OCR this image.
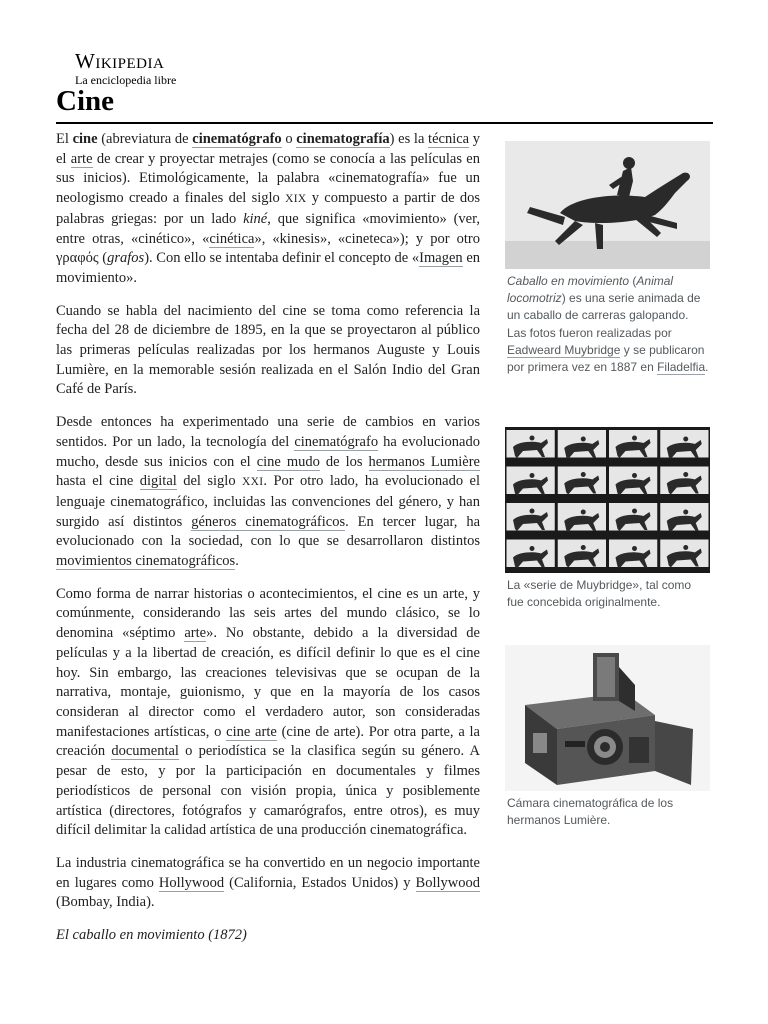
Wikipedia
La enciclopedia libre
Cine

El cine (abreviatura de cinematógrafo o cinematografía) es la técnica y el arte de crear y proyectar metrajes (como se conocía a las películas en sus inicios). Etimológicamente, la palabra «cinematografía» fue un neologismo creado a finales del siglo XIX y compuesto a partir de dos palabras griegas: por un lado kiné, que significa «movimiento» (ver, entre otras, «cinético», «cinética», «kinesis», «cineteca»); y por otro γραφός (grafos). Con ello se intentaba definir el concepto de «Imagen en movimiento».

Cuando se habla del nacimiento del cine se toma como referencia la fecha del 28 de diciembre de 1895, en la que se proyectaron al público las primeras películas realizadas por los hermanos Auguste y Louis Lumière, en la memorable sesión realizada en el Salón Indio del Gran Café de París.

Desde entonces ha experimentado una serie de cambios en varios sentidos. Por un lado, la tecnología del cinematógrafo ha evolucionado mucho, desde sus inicios con el cine mudo de los hermanos Lumière hasta el cine digital del siglo XXI. Por otro lado, ha evolucionado el lenguaje cinematográfico, incluidas las convenciones del género, y han surgido así distintos géneros cinematográficos. En tercer lugar, ha evolucionado con la sociedad, con lo que se desarrollaron distintos movimientos cinematográficos.

Como forma de narrar historias o acontecimientos, el cine es un arte, y comúnmente, considerando las seis artes del mundo clásico, se lo denomina «séptimo arte». No obstante, debido a la diversidad de películas y a la libertad de creación, es difícil definir lo que es el cine hoy. Sin embargo, las creaciones televisivas que se ocupan de la narrativa, montaje, guionismo, y que en la mayoría de los casos consideran al director como el verdadero autor, son consideradas manifestaciones artísticas, o cine arte (cine de arte). Por otra parte, a la creación documental o periodística se la clasifica según su género. A pesar de esto, y por la participación en documentales y filmes periodísticos de personal con visión propia, única y posiblemente artística (directores, fotógrafos y camarógrafos, entre otros), es muy difícil delimitar la calidad artística de una producción cinematográfica.

La industria cinematográfica se ha convertido en un negocio importante en lugares como Hollywood (California, Estados Unidos) y Bollywood (Bombay, India).

El caballo en movimiento (1872)

Caballo en movimiento (Animal locomotriz) es una serie animada de un caballo de carreras galopando. Las fotos fueron realizadas por Eadweard Muybridge y se publicaron por primera vez en 1887 en Filadelfia.
La «serie de Muybridge», tal como fue concebida originalmente.
Cámara cinematográfica de los hermanos Lumière.
